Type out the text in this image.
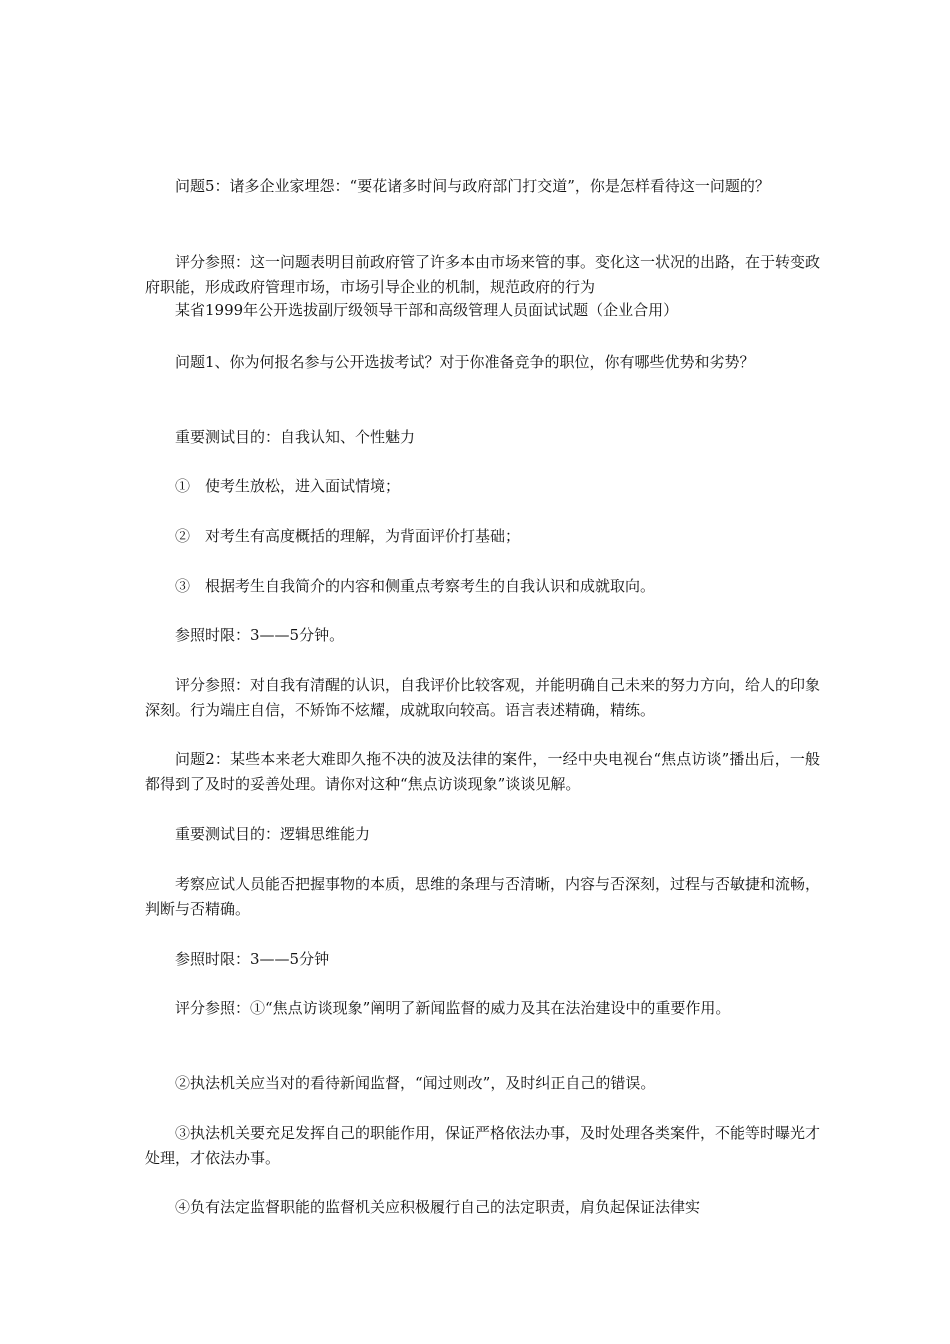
问题5：诸多企业家埋怨：“要花诸多时间与政府部门打交道”，你是怎样看待这一问题的？

评分参照：这一问题表明目前政府管了许多本由市场来管的事。变化这一状况的出路，在于转变政府职能，形成政府管理市场，市场引导企业的机制，规范政府的行为

某省1999年公开选拔副厅级领导干部和高级管理人员面试试题（企业合用）

问题1、你为何报名参与公开选拔考试？对于你准备竞争的职位，你有哪些优势和劣势？

重要测试目的：自我认知、个性魅力

①　使考生放松，进入面试情境；

②　对考生有高度概括的理解，为背面评价打基础；

③　根据考生自我简介的内容和侧重点考察考生的自我认识和成就取向。

参照时限：3——5分钟。

评分参照：对自我有清醒的认识，自我评价比较客观，并能明确自己未来的努力方向，给人的印象深刻。行为端庄自信，不矫饰不炫耀，成就取向较高。语言表述精确，精练。

问题2：某些本来老大难即久拖不决的波及法律的案件，一经中央电视台“焦点访谈”播出后，一般都得到了及时的妥善处理。请你对这种“焦点访谈现象”谈谈见解。

重要测试目的：逻辑思维能力

考察应试人员能否把握事物的本质，思维的条理与否清晰，内容与否深刻，过程与否敏捷和流畅，判断与否精确。

参照时限：3——5分钟

评分参照：①“焦点访谈现象”阐明了新闻监督的威力及其在法治建设中的重要作用。

②执法机关应当对的看待新闻监督，“闻过则改”，及时纠正自己的错误。

③执法机关要充足发挥自己的职能作用，保证严格依法办事，及时处理各类案件，不能等时曝光才处理，才依法办事。

④负有法定监督职能的监督机关应积极履行自己的法定职责，肩负起保证法律实
